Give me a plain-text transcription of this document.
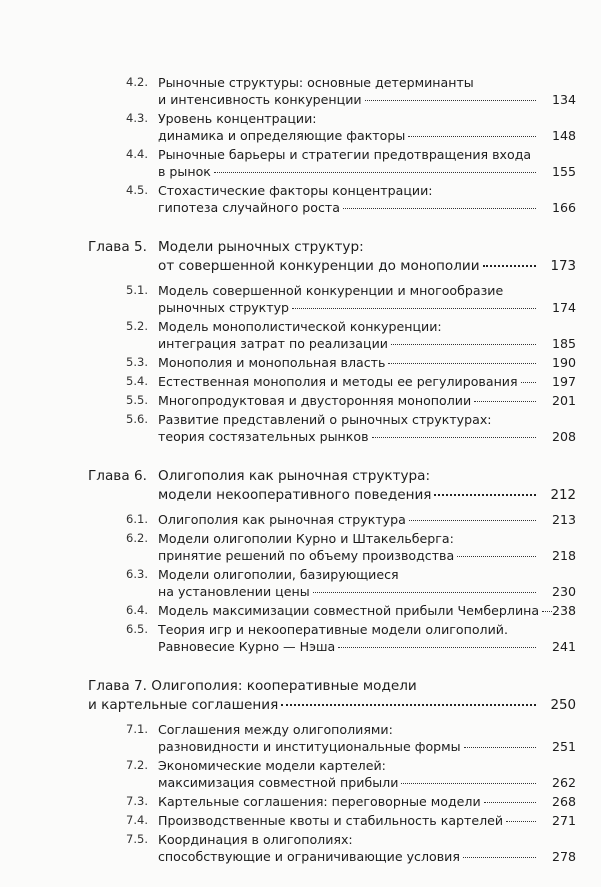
4.2. Рыночные структуры: основные детерминанты
и интенсивность конкуренции	134
4.3. Уровень концентрации:
динамика и определяющие факторы	148
4.4. Рыночные барьеры и стратегии предотвращения входа
в рынок	155
4.5. Стохастические факторы концентрации:
гипотеза случайного роста	166
Глава 5. Модели рыночных структур:
от совершенной конкуренции до монополии	173
5.1. Модель совершенной конкуренции и многообразие
рыночных структур	174
5.2. Модель монополистической конкуренции:
интеграция затрат по реализации	185
5.3. Монополия и монопольная власть	190
5.4. Естественная монополия и методы ее регулирования	197
5.5. Многопродуктовая и двусторонняя монополии	201
5.6. Развитие представлений о рыночных структурах:
теория состязательных рынков	208
Глава 6. Олигополия как рыночная структура:
модели некооперативного поведения	212
6.1. Олигополия как рыночная структура	213
6.2. Модели олигополии Курно и Штакельберга:
принятие решений по объему производства	218
6.3. Модели олигополии, базирующиеся
на установлении цены	230
6.4. Модель максимизации совместной прибыли Чемберлина	238
6.5. Теория игр и некооперативные модели олигополий.
Равновесие Курно — Нэша	241
Глава 7. Олигополия: кооперативные модели
и картельные соглашения	250
7.1. Соглашения между олигополиями:
разновидности и институциональные формы	251
7.2. Экономические модели картелей:
максимизация совместной прибыли	262
7.3. Картельные соглашения: переговорные модели	268
7.4. Производственные квоты и стабильность картелей	271
7.5. Координация в олигополиях:
способствующие и ограничивающие условия	278
